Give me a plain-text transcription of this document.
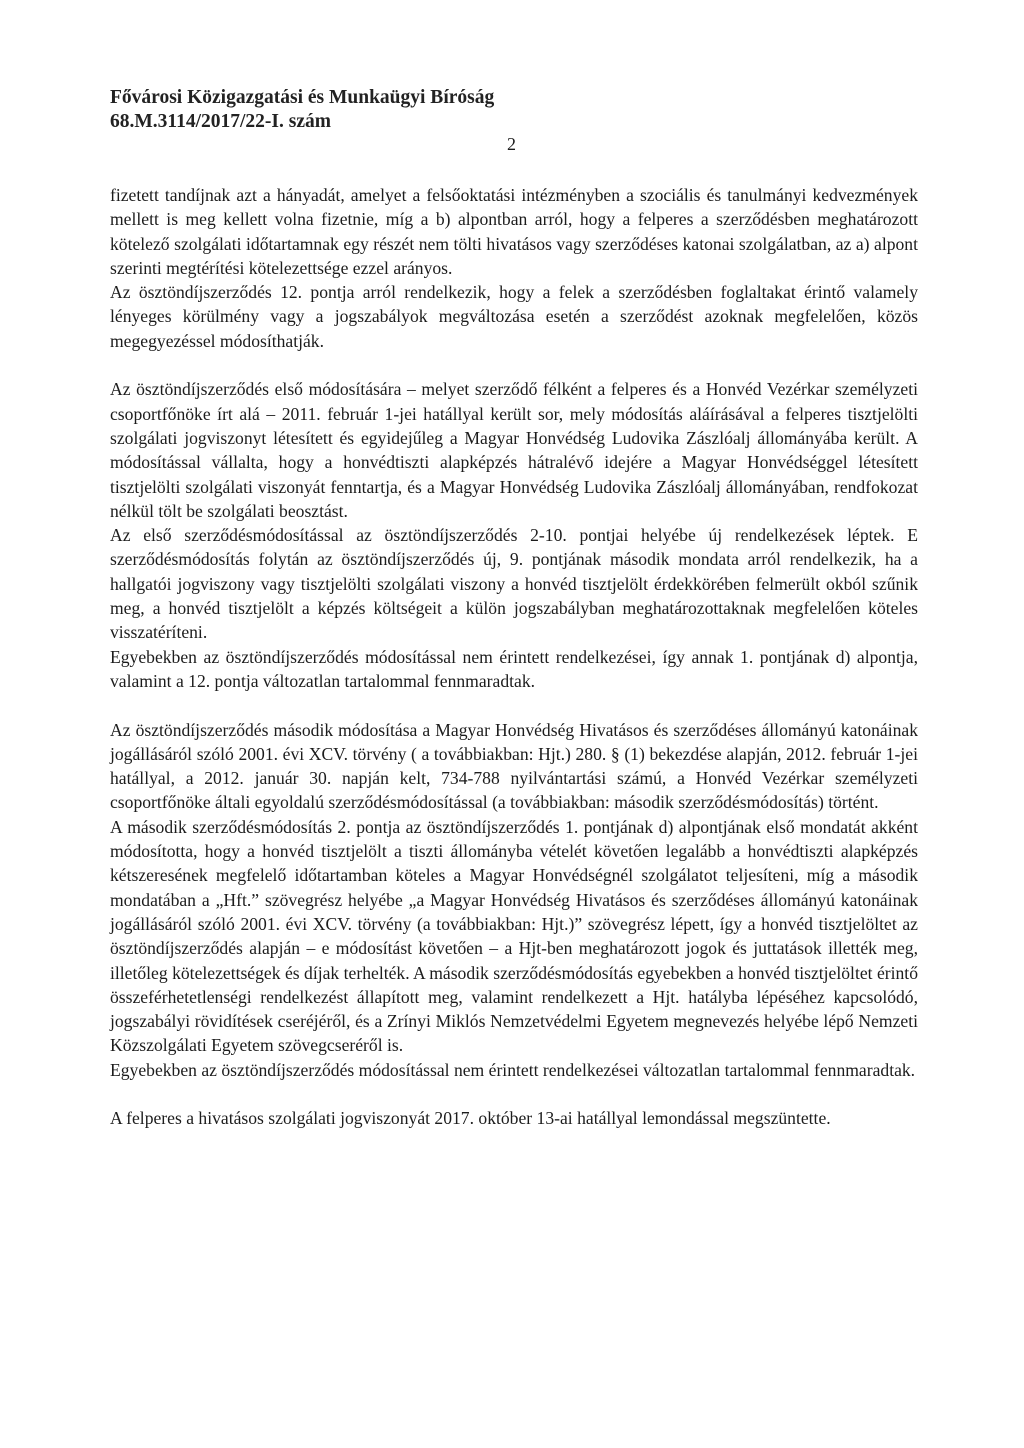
Fővárosi Közigazgatási és Munkaügyi Bíróság

68.M.3114/2017/22-I. szám

2

fizetett tandíjnak azt a hányadát, amelyet a felsőoktatási intézményben a szociális és tanulmányi kedvezmények mellett is meg kellett volna fizetnie, míg a b) alpontban arról, hogy a felperes a szerződésben meghatározott kötelező szolgálati időtartamnak egy részét nem tölti hivatásos vagy szerződéses katonai szolgálatban, az a) alpont szerinti megtérítési kötelezettsége ezzel arányos.

Az ösztöndíjszerződés 12. pontja arról rendelkezik, hogy a felek a szerződésben foglaltakat érintő valamely lényeges körülmény vagy a jogszabályok megváltozása esetén a szerződést azoknak megfelelően, közös megegyezéssel módosíthatják.

Az ösztöndíjszerződés első módosítására – melyet szerződő félként a felperes és a Honvéd Vezérkar személyzeti csoportfőnöke írt alá – 2011. február 1-jei hatállyal került sor, mely módosítás aláírásával a felperes tisztjelölti szolgálati jogviszonyt létesített és egyidejűleg a Magyar Honvédség Ludovika Zászlóalj állományába került. A módosítással vállalta, hogy a honvédtiszti alapképzés hátralévő idejére a Magyar Honvédséggel létesített tisztjelölti szolgálati viszonyát fenntartja, és a Magyar Honvédség Ludovika Zászlóalj állományában, rendfokozat nélkül tölt be szolgálati beosztást.

Az első szerződésmódosítással az ösztöndíjszerződés 2-10. pontjai helyébe új rendelkezések léptek. E szerződésmódosítás folytán az ösztöndíjszerződés új, 9. pontjának második mondata arról rendelkezik, ha a hallgatói jogviszony vagy tisztjelölti szolgálati viszony a honvéd tisztjelölt érdekkörében felmerült okból szűnik meg, a honvéd tisztjelölt a képzés költségeit a külön jogszabályban meghatározottaknak megfelelően köteles visszatéríteni.

Egyebekben az ösztöndíjszerződés módosítással nem érintett rendelkezései, így annak 1. pontjának d) alpontja, valamint a 12. pontja változatlan tartalommal fennmaradtak.

Az ösztöndíjszerződés második módosítása a Magyar Honvédség Hivatásos és szerződéses állományú katonáinak jogállásáról szóló 2001. évi XCV. törvény ( a továbbiakban: Hjt.) 280. § (1) bekezdése alapján, 2012. február 1-jei hatállyal, a 2012. január 30. napján kelt, 734-788 nyilvántartási számú, a Honvéd Vezérkar személyzeti csoportfőnöke általi egyoldalú szerződésmódosítással (a továbbiakban: második szerződésmódosítás) történt.

A második szerződésmódosítás 2. pontja az ösztöndíjszerződés 1. pontjának d) alpontjának első mondatát akként módosította, hogy a honvéd tisztjelölt a tiszti állományba vételét követően legalább a honvédtiszti alapképzés kétszeresének megfelelő időtartamban köteles a Magyar Honvédségnél szolgálatot teljesíteni, míg a második mondatában a „Hft.” szövegrész helyébe „a Magyar Honvédség Hivatásos és szerződéses állományú katonáinak jogállásáról szóló 2001. évi XCV. törvény (a továbbiakban: Hjt.)” szövegrész lépett, így a honvéd tisztjelöltet az ösztöndíjszerződés alapján – e módosítást követően – a Hjt-ben meghatározott jogok és juttatások illették meg, illetőleg kötelezettségek és díjak terhelték. A második szerződésmódosítás egyebekben a honvéd tisztjelöltet érintő összeférhetetlenségi rendelkezést állapított meg, valamint rendelkezett a Hjt. hatályba lépéséhez kapcsolódó, jogszabályi rövidítések cseréjéről, és a Zrínyi Miklós Nemzetvédelmi Egyetem megnevezés helyébe lépő Nemzeti Közszolgálati Egyetem szövegcseréről is.

Egyebekben az ösztöndíjszerződés módosítással nem érintett rendelkezései változatlan tartalommal fennmaradtak.

A felperes a hivatásos szolgálati jogviszonyát 2017. október 13-ai hatállyal lemondással megszüntette.
